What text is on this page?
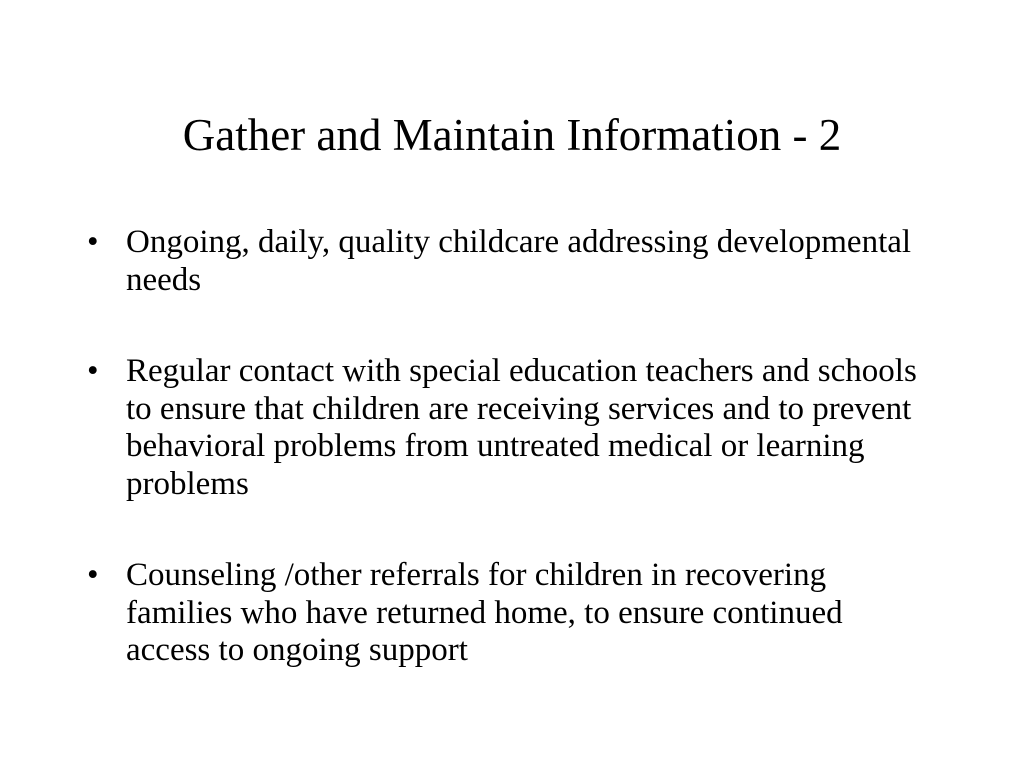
Gather and Maintain Information - 2
• Ongoing, daily, quality childcare addressing developmental needs
• Regular contact with special education teachers and schools to ensure that children are receiving services and to prevent behavioral problems from untreated medical or learning problems
• Counseling /other referrals for children in recovering families who have returned home, to ensure continued access to ongoing support
